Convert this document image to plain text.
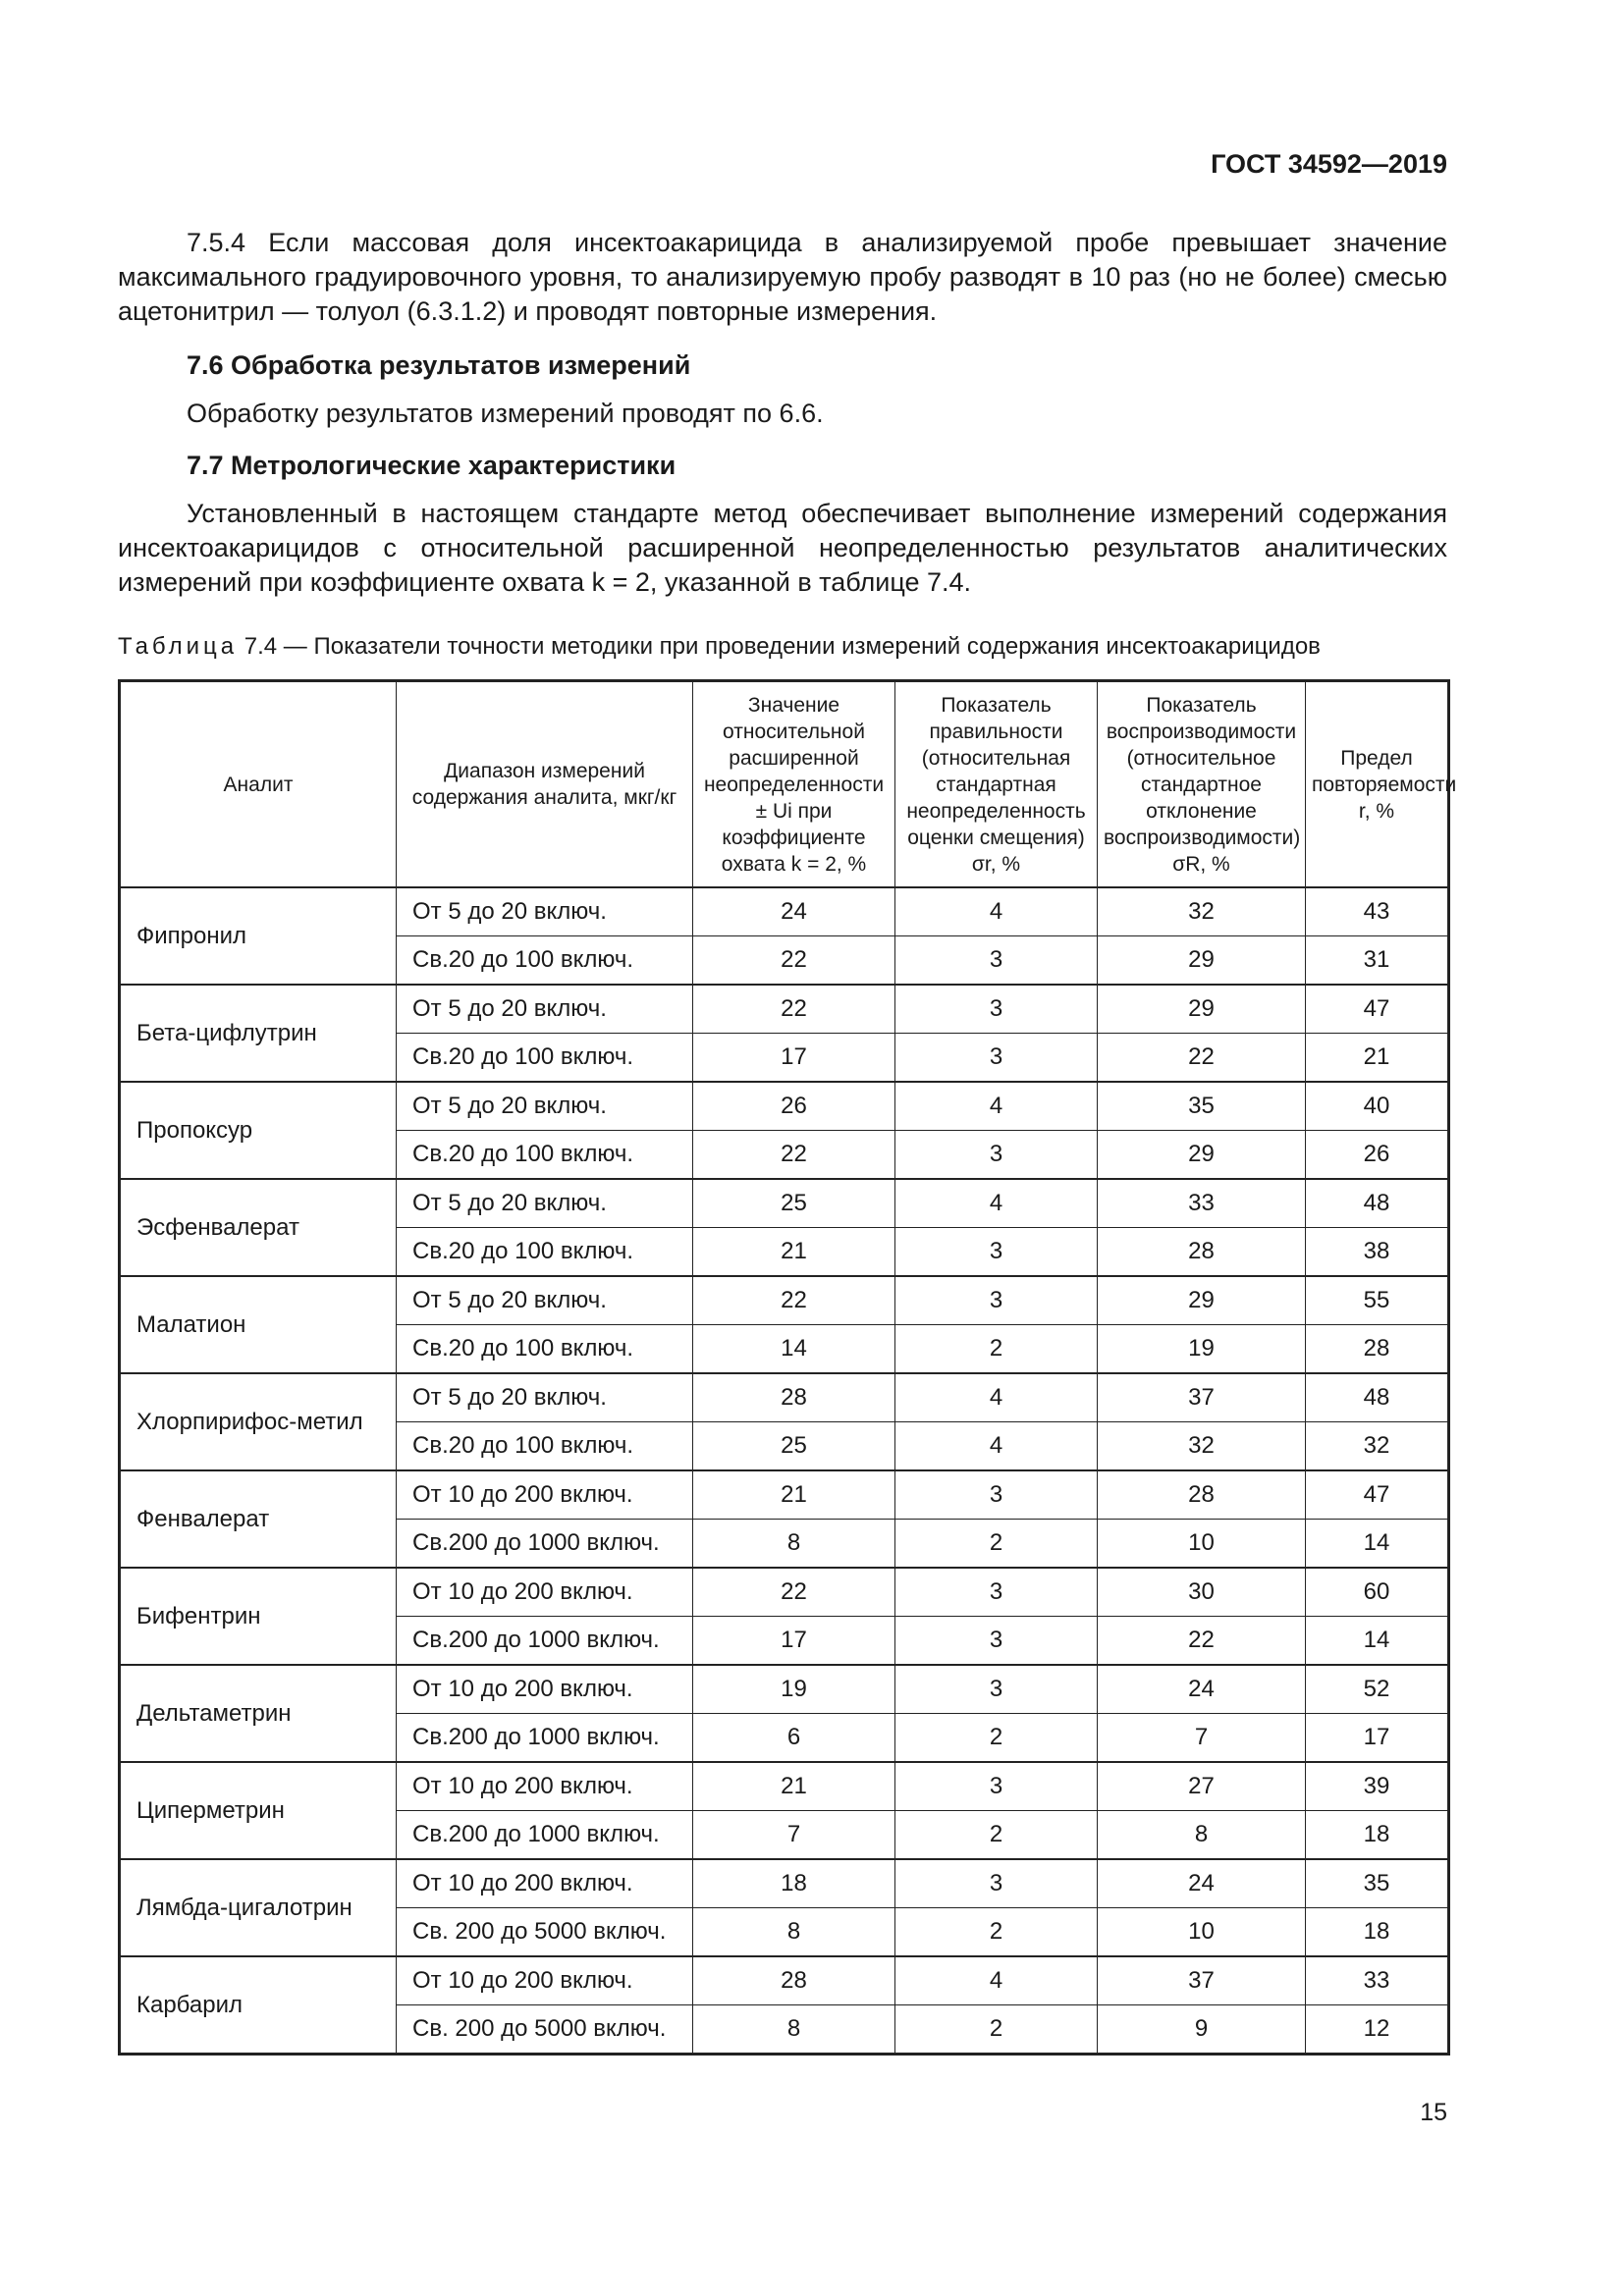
ГОСТ 34592—2019

7.5.4 Если массовая доля инсектоакарицида в анализируемой пробе превышает значение максимального градуировочного уровня, то анализируемую пробу разводят в 10 раз (но не более) смесью ацетонитрил — толуол (6.3.1.2) и проводят повторные измерения.

7.6 Обработка результатов измерений

Обработку результатов измерений проводят по 6.6.

7.7 Метрологические характеристики

Установленный в настоящем стандарте метод обеспечивает выполнение измерений содержания инсектоакарицидов с относительной расширенной неопределенностью результатов аналитических измерений при коэффициенте охвата k = 2, указанной в таблице 7.4.

Таблица 7.4 — Показатели точности методики при проведении измерений содержания инсектоакарицидов
Аналит	Диапазон измерений содержания аналита, мкг/кг	Значение относительной расширенной неопределенности ± Ui при коэффициенте охвата k = 2, %	Показатель правильности (относительная стандартная неопределенность оценки смещения) σr, %	Показатель воспроизводимости (относительное стандартное отклонение воспроизводимости) σR, %	Предел повторяемости r, %
Фипронил	От 5 до 20 включ.	24	4	32	43
	Св.20 до 100 включ.	22	3	29	31
Бета-цифлутрин	От 5 до 20 включ.	22	3	29	47
	Св.20 до 100 включ.	17	3	22	21
Пропоксур	От 5 до 20 включ.	26	4	35	40
	Св.20 до 100 включ.	22	3	29	26
Эсфенвалерат	От 5 до 20 включ.	25	4	33	48
	Св.20 до 100 включ.	21	3	28	38
Малатион	От 5 до 20 включ.	22	3	29	55
	Св.20 до 100 включ.	14	2	19	28
Хлорпирифос-метил	От 5 до 20 включ.	28	4	37	48
	Св.20 до 100 включ.	25	4	32	32
Фенвалерат	От 10 до 200 включ.	21	3	28	47
	Св.200 до 1000 включ.	8	2	10	14
Бифентрин	От 10 до 200 включ.	22	3	30	60
	Св.200 до 1000 включ.	17	3	22	14
Дельтаметрин	От 10 до 200 включ.	19	3	24	52
	Св.200 до 1000 включ.	6	2	7	17
Циперметрин	От 10 до 200 включ.	21	3	27	39
	Св.200 до 1000 включ.	7	2	8	18
Лямбда-цигалотрин	От 10 до 200 включ.	18	3	24	35
	Св. 200 до 5000 включ.	8	2	10	18
Карбарил	От 10 до 200 включ.	28	4	37	33
	Св. 200 до 5000 включ.	8	2	9	12
15
